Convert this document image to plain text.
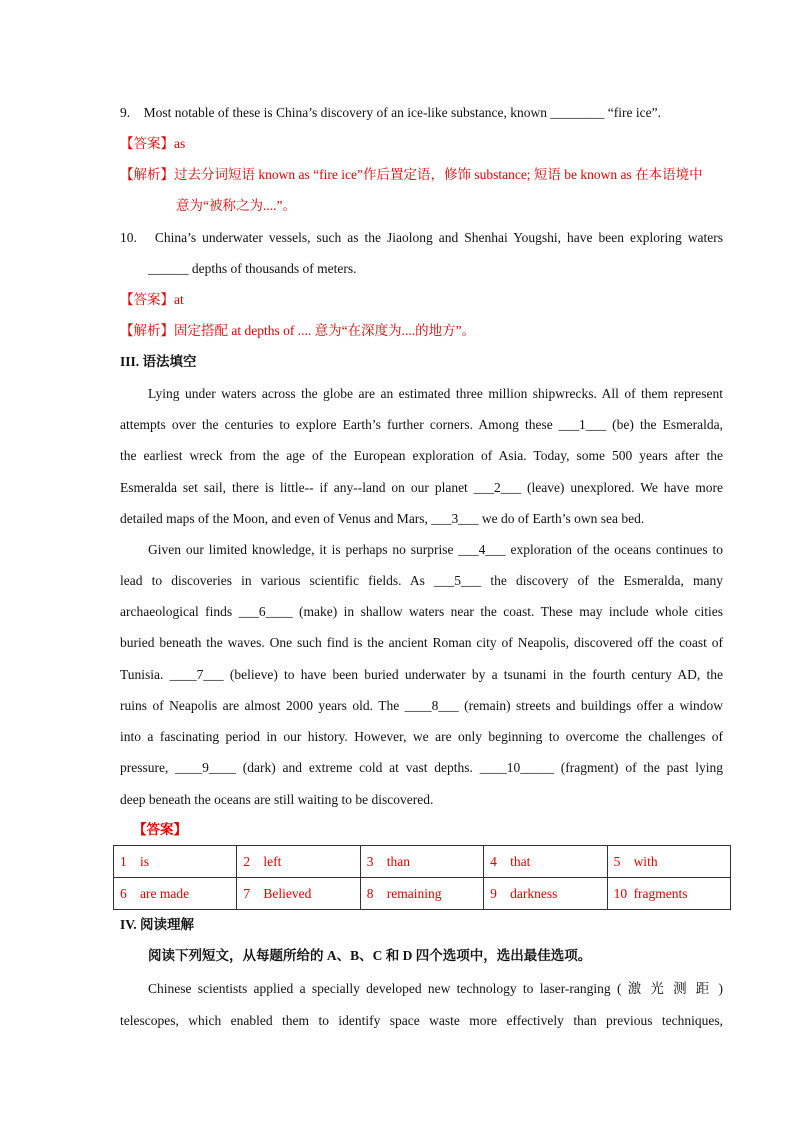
9.    Most notable of these is China’s discovery of an ice-like substance, known ________ “fire ice”.
【答案】as
【解析】过去分词短语 known as “fire ice”作后置定语，修饰 substance; 短语 be known as 在本语境中
意为“被称之为....”。
10.   China’s underwater vessels, such as the Jiaolong and Shenhai Yougshi, have been exploring waters
______ depths of thousands of meters.
【答案】at
【解析】固定搭配 at depths of .... 意为“在深度为....的地方”。
III. 语法填空
Lying under waters across the globe are an estimated three million shipwrecks. All of them represent
attempts over the centuries to explore Earth’s further corners. Among these ___1___ (be) the Esmeralda,
the earliest wreck from the age of the European exploration of Asia. Today, some 500 years after the
Esmeralda set sail, there is little-- if any--land on our planet ___2___ (leave) unexplored. We have more
detailed maps of the Moon, and even of Venus and Mars, ___3___ we do of Earth’s own sea bed.
Given our limited knowledge, it is perhaps no surprise ___4___ exploration of the oceans continues to
lead to discoveries in various scientific fields. As ___5___ the discovery of the Esmeralda, many
archaeological finds ___6____ (make) in shallow waters near the coast. These may include whole cities
buried beneath the waves. One such find is the ancient Roman city of Neapolis, discovered off the coast of
Tunisia. ____7___ (believe) to have been buried underwater by a tsunami in the fourth century AD, the
ruins of Neapolis are almost 2000 years old. The ____8___ (remain) streets and buildings offer a window
into a fascinating period in our history. However, we are only beginning to overcome the challenges of
pressure, ____9____ (dark) and extreme cold at vast depths. ____10_____ (fragment) of the past lying
deep beneath the oceans are still waiting to be discovered.
【答案】
1 is	2 left	3 than	4 that	5 with
6 are made	7 Believed	8 remaining	9 darkness	10 fragments
IV. 阅读理解
阅读下列短文，从每题所给的 A、B、C 和 D 四个选项中，选出最佳选项。
Chinese scientists applied a specially developed new technology to laser-ranging ( 激 光 测 距 )
telescopes, which enabled them to identify space waste more effectively than previous techniques,
